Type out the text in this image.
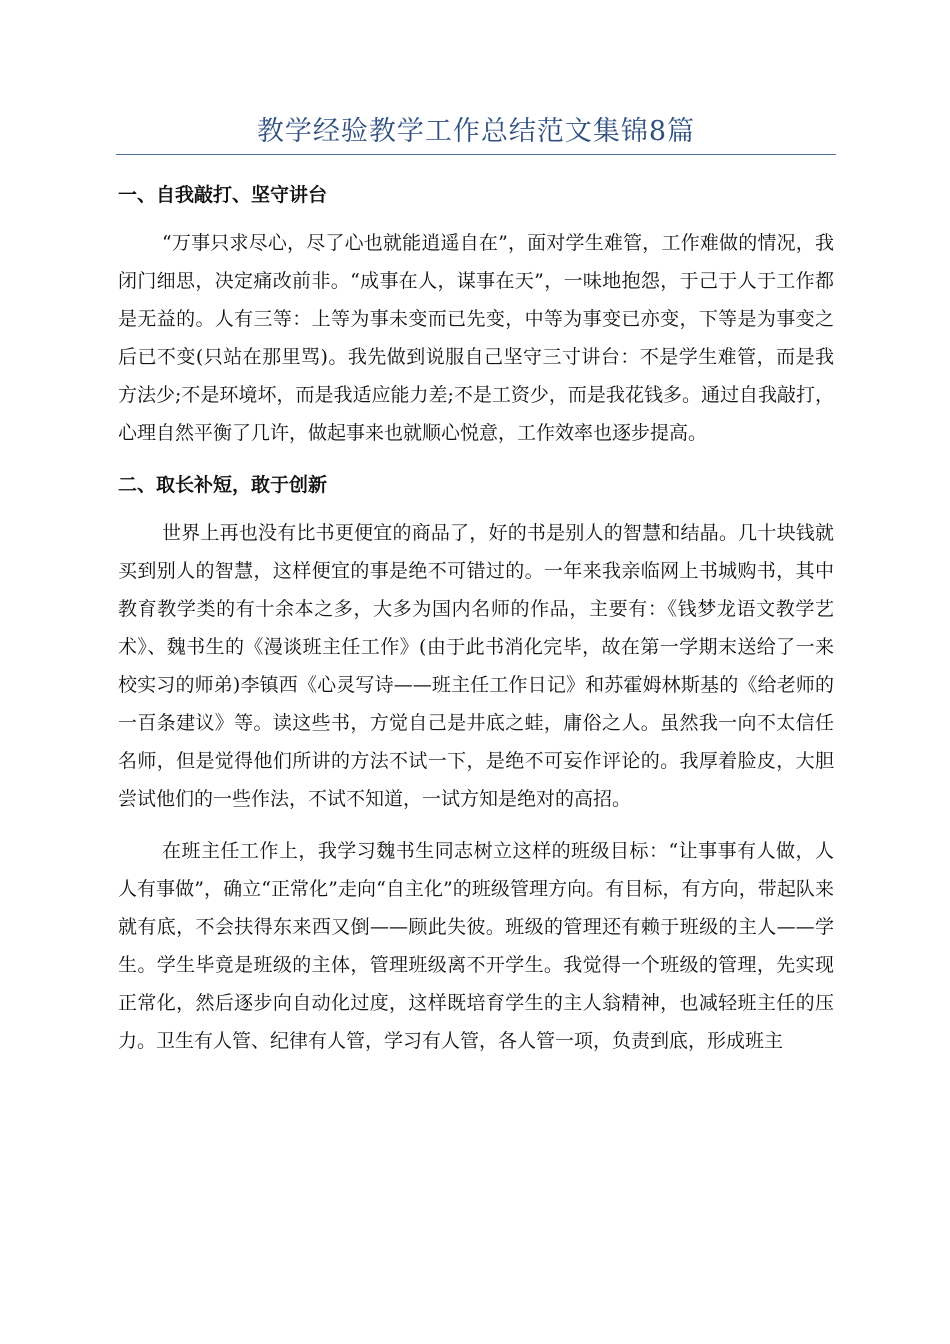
教学经验教学工作总结范文集锦8篇
一、自我敲打、坚守讲台

“万事只求尽心，尽了心也就能逍遥自在”，面对学生难管，工作难做的情况，我闭门细思，决定痛改前非。“成事在人，谋事在天”，一味地抱怨，于己于人于工作都是无益的。人有三等：上等为事未变而已先变，中等为事变已亦变，下等是为事变之后已不变(只站在那里骂)。我先做到说服自己坚守三寸讲台：不是学生难管，而是我方法少;不是环境坏，而是我适应能力差;不是工资少，而是我花钱多。通过自我敲打，心理自然平衡了几许，做起事来也就顺心悦意，工作效率也逐步提高。

二、取长补短，敢于创新

世界上再也没有比书更便宜的商品了，好的书是别人的智慧和结晶。几十块钱就买到别人的智慧，这样便宜的事是绝不可错过的。一年来我亲临网上书城购书，其中教育教学类的有十余本之多，大多为国内名师的作品，主要有：《钱梦龙语文教学艺术》、魏书生的《漫谈班主任工作》(由于此书消化完毕，故在第一学期末送给了一来校实习的师弟)李镇西《心灵写诗——班主任工作日记》和苏霍姆林斯基的《给老师的一百条建议》等。读这些书，方觉自己是井底之蛙，庸俗之人。虽然我一向不太信任名师，但是觉得他们所讲的方法不试一下，是绝不可妄作评论的。我厚着脸皮，大胆尝试他们的一些作法，不试不知道，一试方知是绝对的高招。

在班主任工作上，我学习魏书生同志树立这样的班级目标：“让事事有人做，人人有事做”，确立“正常化”走向“自主化”的班级管理方向。有目标，有方向，带起队来就有底，不会扶得东来西又倒——顾此失彼。班级的管理还有赖于班级的主人——学生。学生毕竟是班级的主体，管理班级离不开学生。我觉得一个班级的管理，先实现正常化，然后逐步向自动化过度，这样既培育学生的主人翁精神，也减轻班主任的压力。卫生有人管、纪律有人管，学习有人管，各人管一项，负责到底，形成班主
